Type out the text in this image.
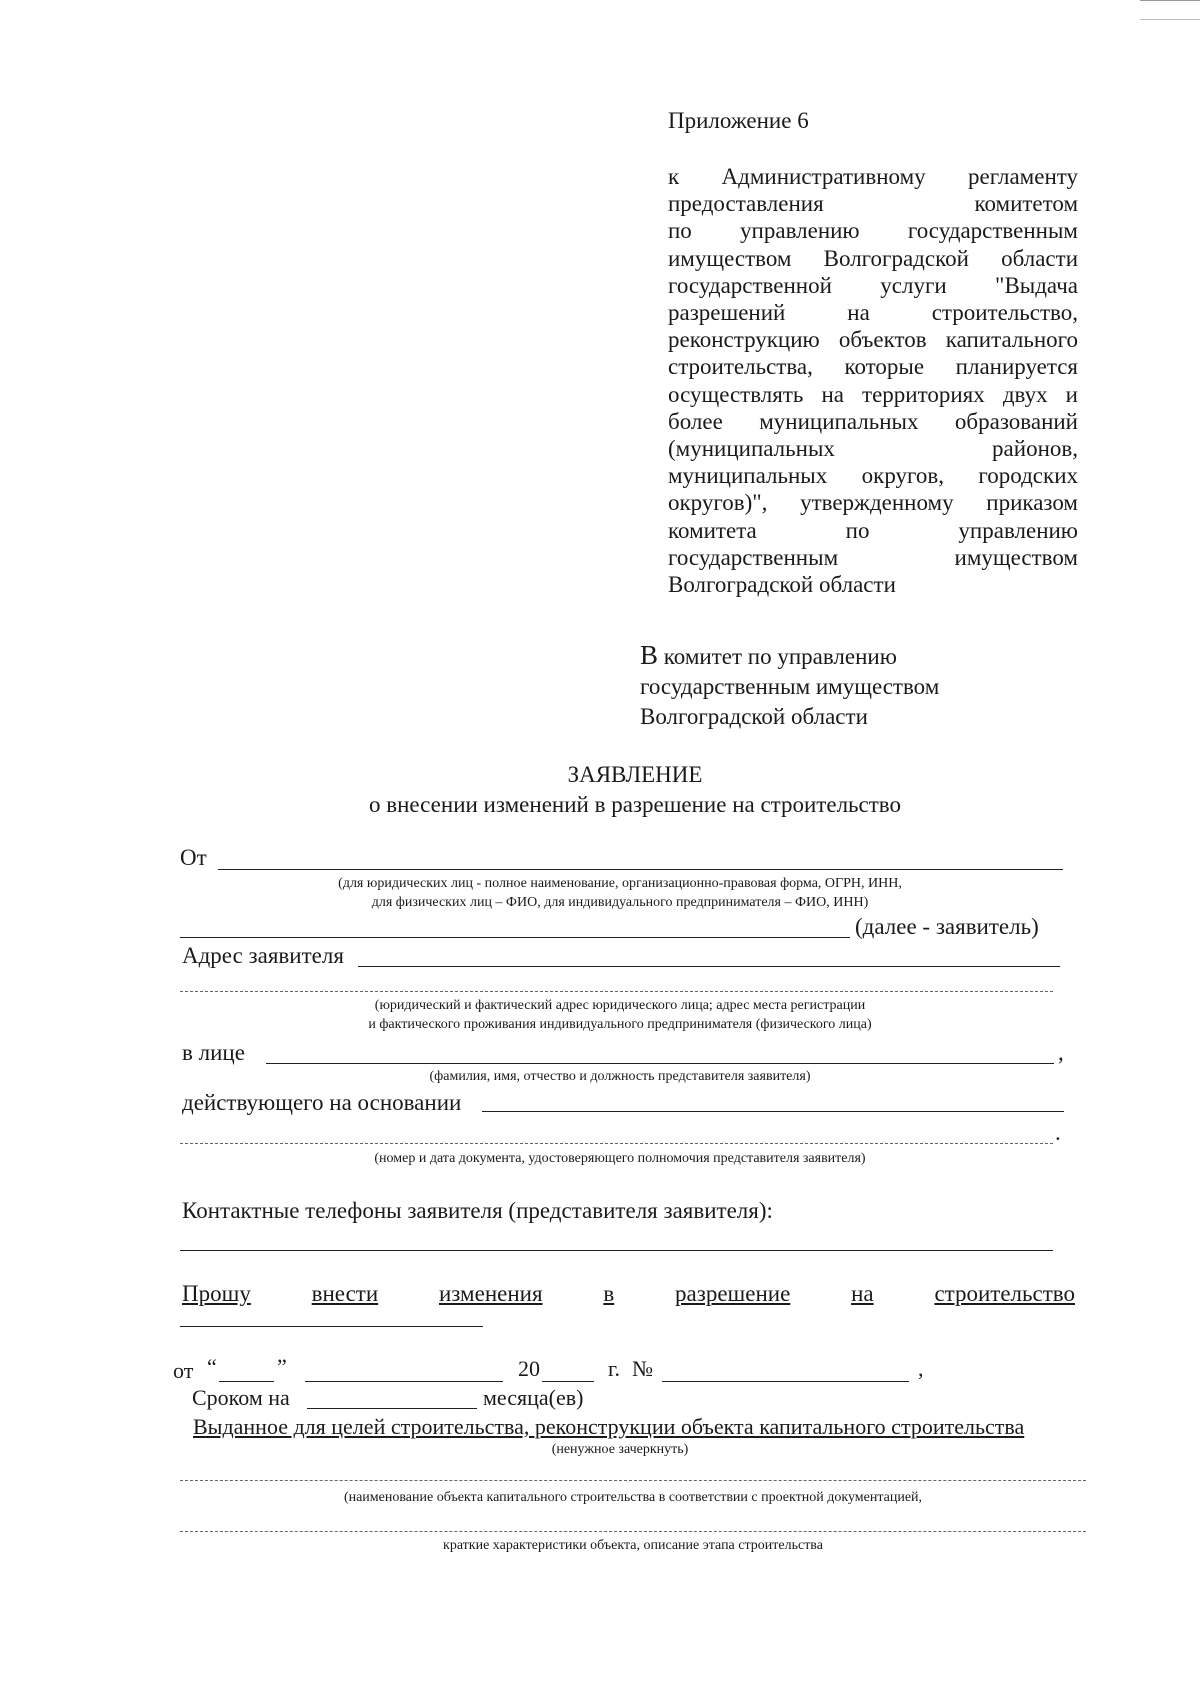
Приложение 6
к Административному регламенту
предоставления комитетом
по управлению государственным
имуществом Волгоградской области
государственной услуги "Выдача
разрешений на строительство,
реконструкцию объектов капитального
строительства, которые планируется
осуществлять на территориях двух и
более муниципальных образований
(муниципальных районов,
муниципальных округов, городских
округов)", утвержденному приказом
комитета по управлению
государственным имуществом
Волгоградской области
В комитет по управлению
государственным имуществом
Волгоградской области
ЗАЯВЛЕНИЕ
о внесении изменений в разрешение на строительство
От
(для юридических лиц - полное наименование, организационно-правовая форма, ОГРН, ИНН,
для физических лиц – ФИО, для индивидуального предпринимателя – ФИО, ИНН)
(далее - заявитель)
Адрес заявителя
(юридический и фактический адрес юридического лица; адрес места регистрации
и фактического проживания индивидуального предпринимателя (физического лица)
в лице	,
(фамилия, имя, отчество и должность представителя заявителя)
действующего на основании
.
(номер и дата документа, удостоверяющего полномочия представителя заявителя)
Контактные телефоны заявителя (представителя заявителя):
Прошу	внести	изменения	в	разрешение	на	строительство
от “	”	20	г. №	,
Сроком на	месяца(ев)
Выданное для целей строительства, реконструкции объекта капитального строительства
(ненужное зачеркнуть)
(наименование объекта капитального строительства в соответствии с проектной документацией,
краткие характеристики объекта, описание этапа строительства
